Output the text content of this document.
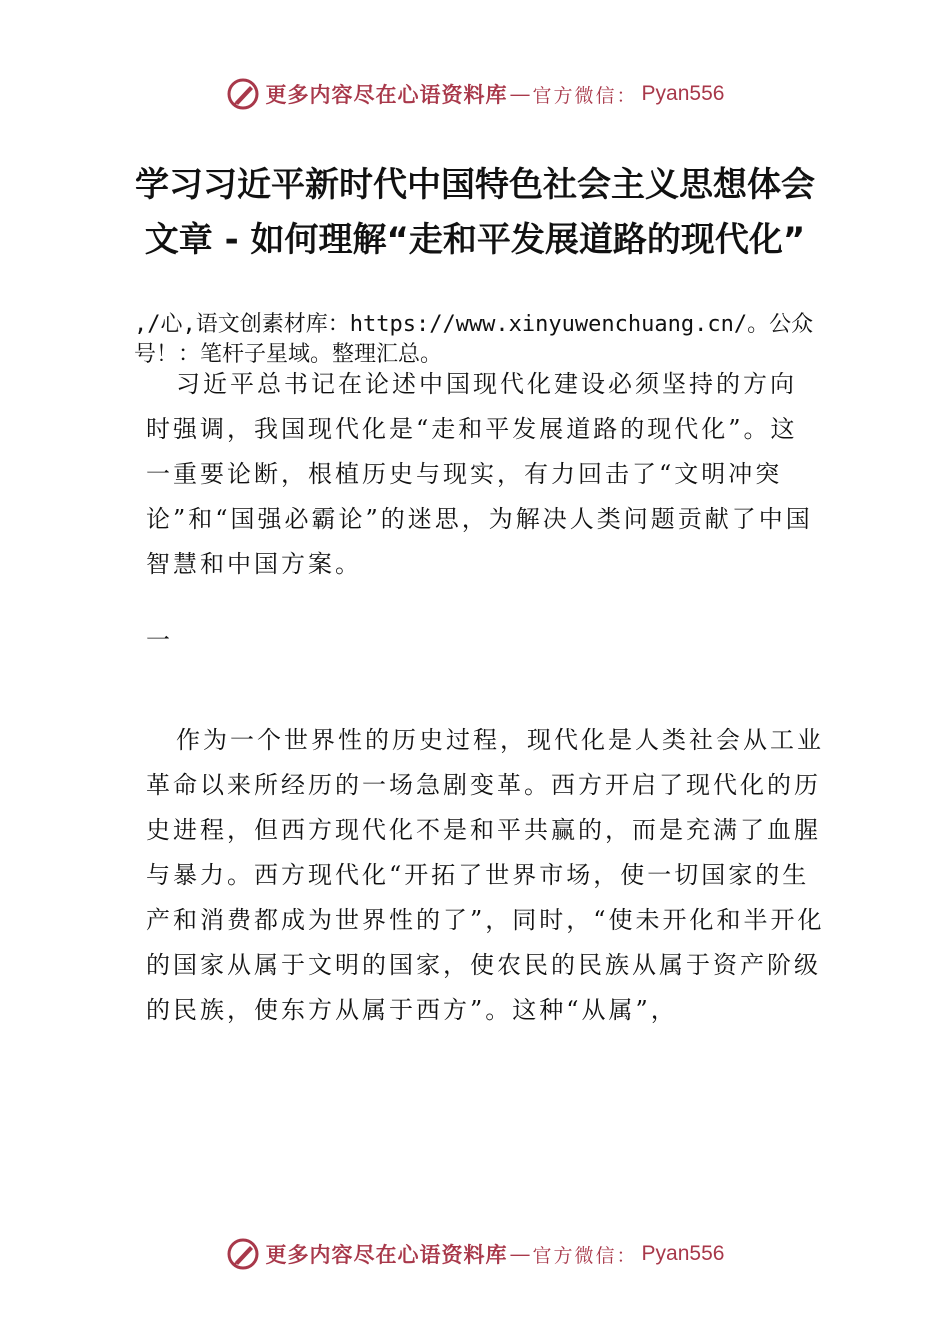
更多内容尽在心语资料库 — 官方微信： Pyan556
学习习近平新时代中国特色社会主义思想体会文章 - 如何理解“走和平发展道路的现代化”

,/心,语文创素材库：https://www.xinyuwenchuang.cn/。公众号！：笔杆子星域。整理汇总。

习近平总书记在论述中国现代化建设必须坚持的方向时强调，我国现代化是“走和平发展道路的现代化”。这一重要论断，根植历史与现实，有力回击了“文明冲突论”和“国强必霸论”的迷思，为解决人类问题贡献了中国智慧和中国方案。

一

作为一个世界性的历史过程，现代化是人类社会从工业革命以来所经历的一场急剧变革。西方开启了现代化的历史进程，但西方现代化不是和平共赢的，而是充满了血腥与暴力。西方现代化“开拓了世界市场，使一切国家的生产和消费都成为世界性的了”，同时，“使未开化和半开化的国家从属于文明的国家，使农民的民族从属于资产阶级的民族，使东方从属于西方”。这种“从属”，

更多内容尽在心语资料库 — 官方微信： Pyan556
